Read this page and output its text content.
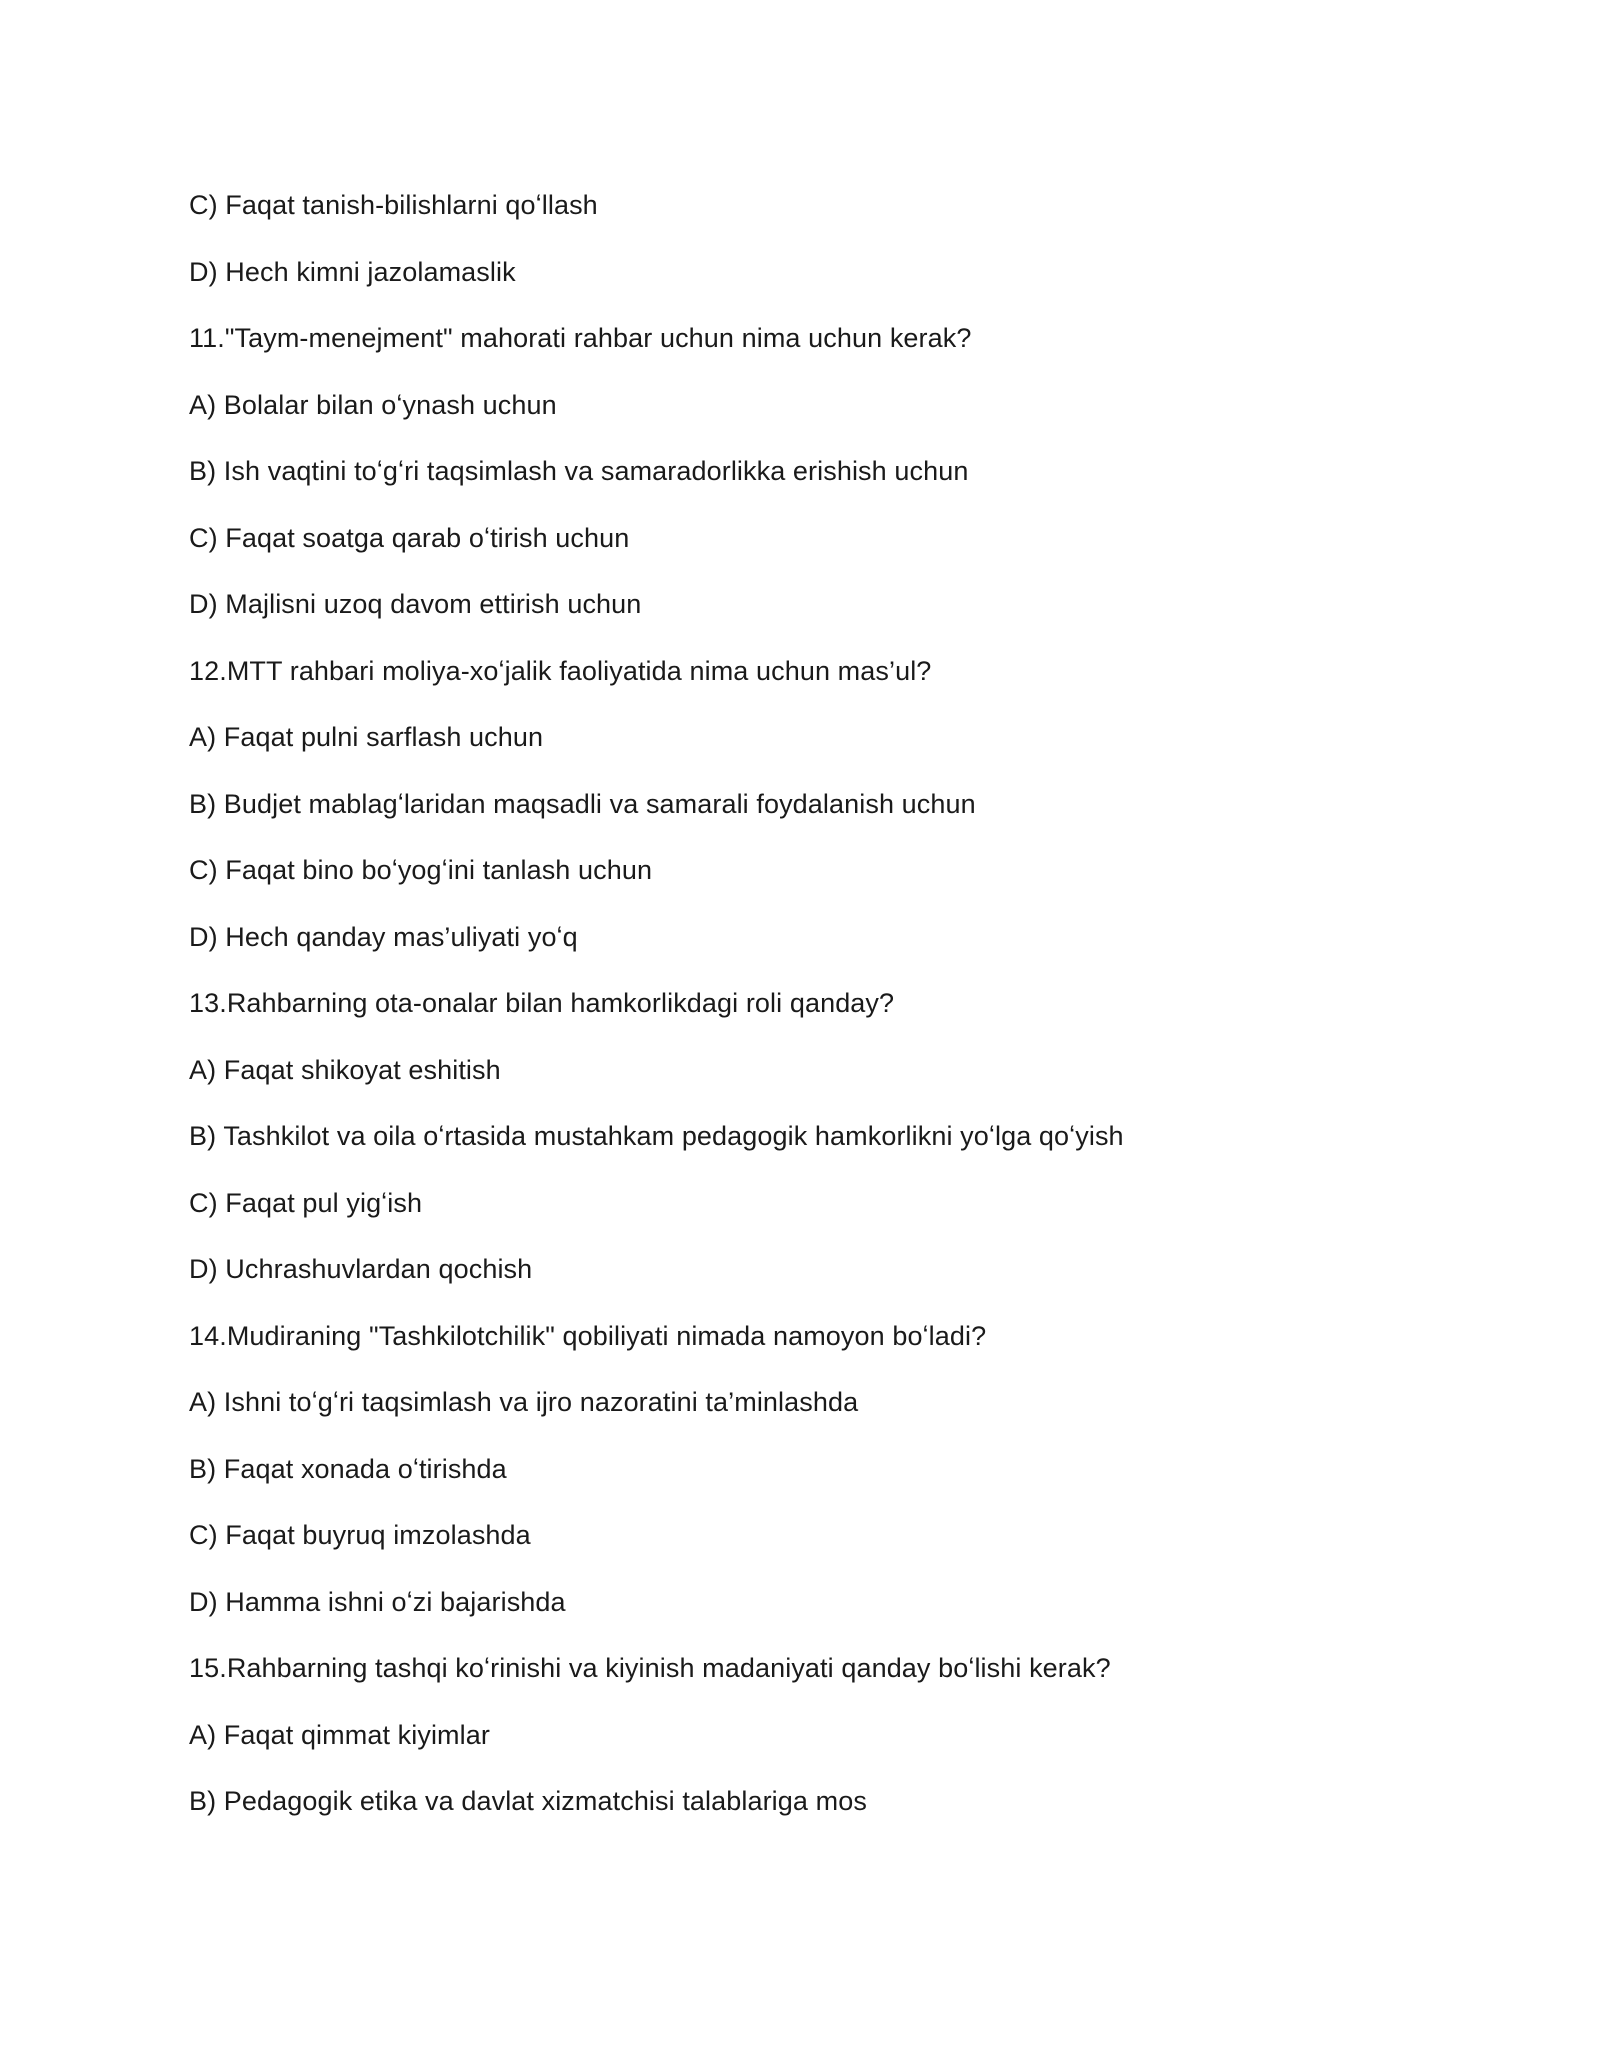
C) Faqat tanish-bilishlarni qoʻllash
D) Hech kimni jazolamaslik
11."Taym-menejment" mahorati rahbar uchun nima uchun kerak?
A) Bolalar bilan oʻynash uchun
B) Ish vaqtini toʻgʻri taqsimlash va samaradorlikka erishish uchun
C) Faqat soatga qarab oʻtirish uchun
D) Majlisni uzoq davom ettirish uchun
12.MTT rahbari moliya-xoʻjalik faoliyatida nima uchun mas’ul?
A) Faqat pulni sarflash uchun
B) Budjet mablagʻlaridan maqsadli va samarali foydalanish uchun
C) Faqat bino boʻyogʻini tanlash uchun
D) Hech qanday mas’uliyati yoʻq
13.Rahbarning ota-onalar bilan hamkorlikdagi roli qanday?
A) Faqat shikoyat eshitish
B) Tashkilot va oila oʻrtasida mustahkam pedagogik hamkorlikni yoʻlga qoʻyish
C) Faqat pul yigʻish
D) Uchrashuvlardan qochish
14.Mudiraning "Tashkilotchilik" qobiliyati nimada namoyon boʻladi?
A) Ishni toʻgʻri taqsimlash va ijro nazoratini ta’minlashda
B) Faqat xonada oʻtirishda
C) Faqat buyruq imzolashda
D) Hamma ishni oʻzi bajarishda
15.Rahbarning tashqi koʻrinishi va kiyinish madaniyati qanday boʻlishi kerak?
A) Faqat qimmat kiyimlar
B) Pedagogik etika va davlat xizmatchisi talablariga mos
